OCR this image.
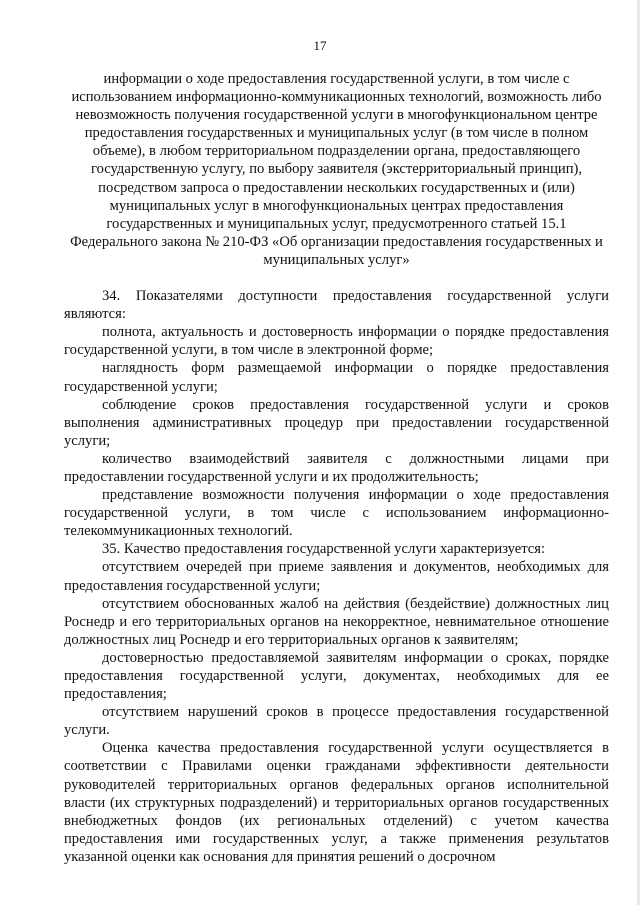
17
информации о ходе предоставления государственной услуги, в том числе с использованием информационно-коммуникационных технологий, возможность либо невозможность получения государственной услуги в многофункциональном центре предоставления государственных и муниципальных услуг (в том числе в полном объеме), в любом территориальном подразделении органа, предоставляющего государственную услугу, по выбору заявителя (экстерриториальный принцип), посредством запроса о предоставлении нескольких государственных и (или) муниципальных услуг в многофункциональных центрах предоставления государственных и муниципальных услуг, предусмотренного статьей 15.1 Федерального закона № 210-ФЗ «Об организации предоставления государственных и муниципальных услуг»

34. Показателями доступности предоставления государственной услуги являются:

полнота, актуальность и достоверность информации о порядке предоставления государственной услуги, в том числе в электронной форме;

наглядность форм размещаемой информации о порядке предоставления государственной услуги;

соблюдение сроков предоставления государственной услуги и сроков выполнения административных процедур при предоставлении государственной услуги;

количество взаимодействий заявителя с должностными лицами при предоставлении государственной услуги и их продолжительность;

представление возможности получения информации о ходе предоставления государственной услуги, в том числе с использованием информационно-телекоммуникационных технологий.

35. Качество предоставления государственной услуги характеризуется:

отсутствием очередей при приеме заявления и документов, необходимых для предоставления государственной услуги;

отсутствием обоснованных жалоб на действия (бездействие) должностных лиц Роснедр и его территориальных органов на некорректное, невнимательное отношение должностных лиц Роснедр и его территориальных органов к заявителям;

достоверностью предоставляемой заявителям информации о сроках, порядке предоставления государственной услуги, документах, необходимых для ее предоставления;

отсутствием нарушений сроков в процессе предоставления государственной услуги.

Оценка качества предоставления государственной услуги осуществляется в соответствии с Правилами оценки гражданами эффективности деятельности руководителей территориальных органов федеральных органов исполнительной власти (их структурных подразделений) и территориальных органов государственных внебюджетных фондов (их региональных отделений) с учетом качества предоставления ими государственных услуг, а также применения результатов указанной оценки как основания для принятия решений о досрочном
